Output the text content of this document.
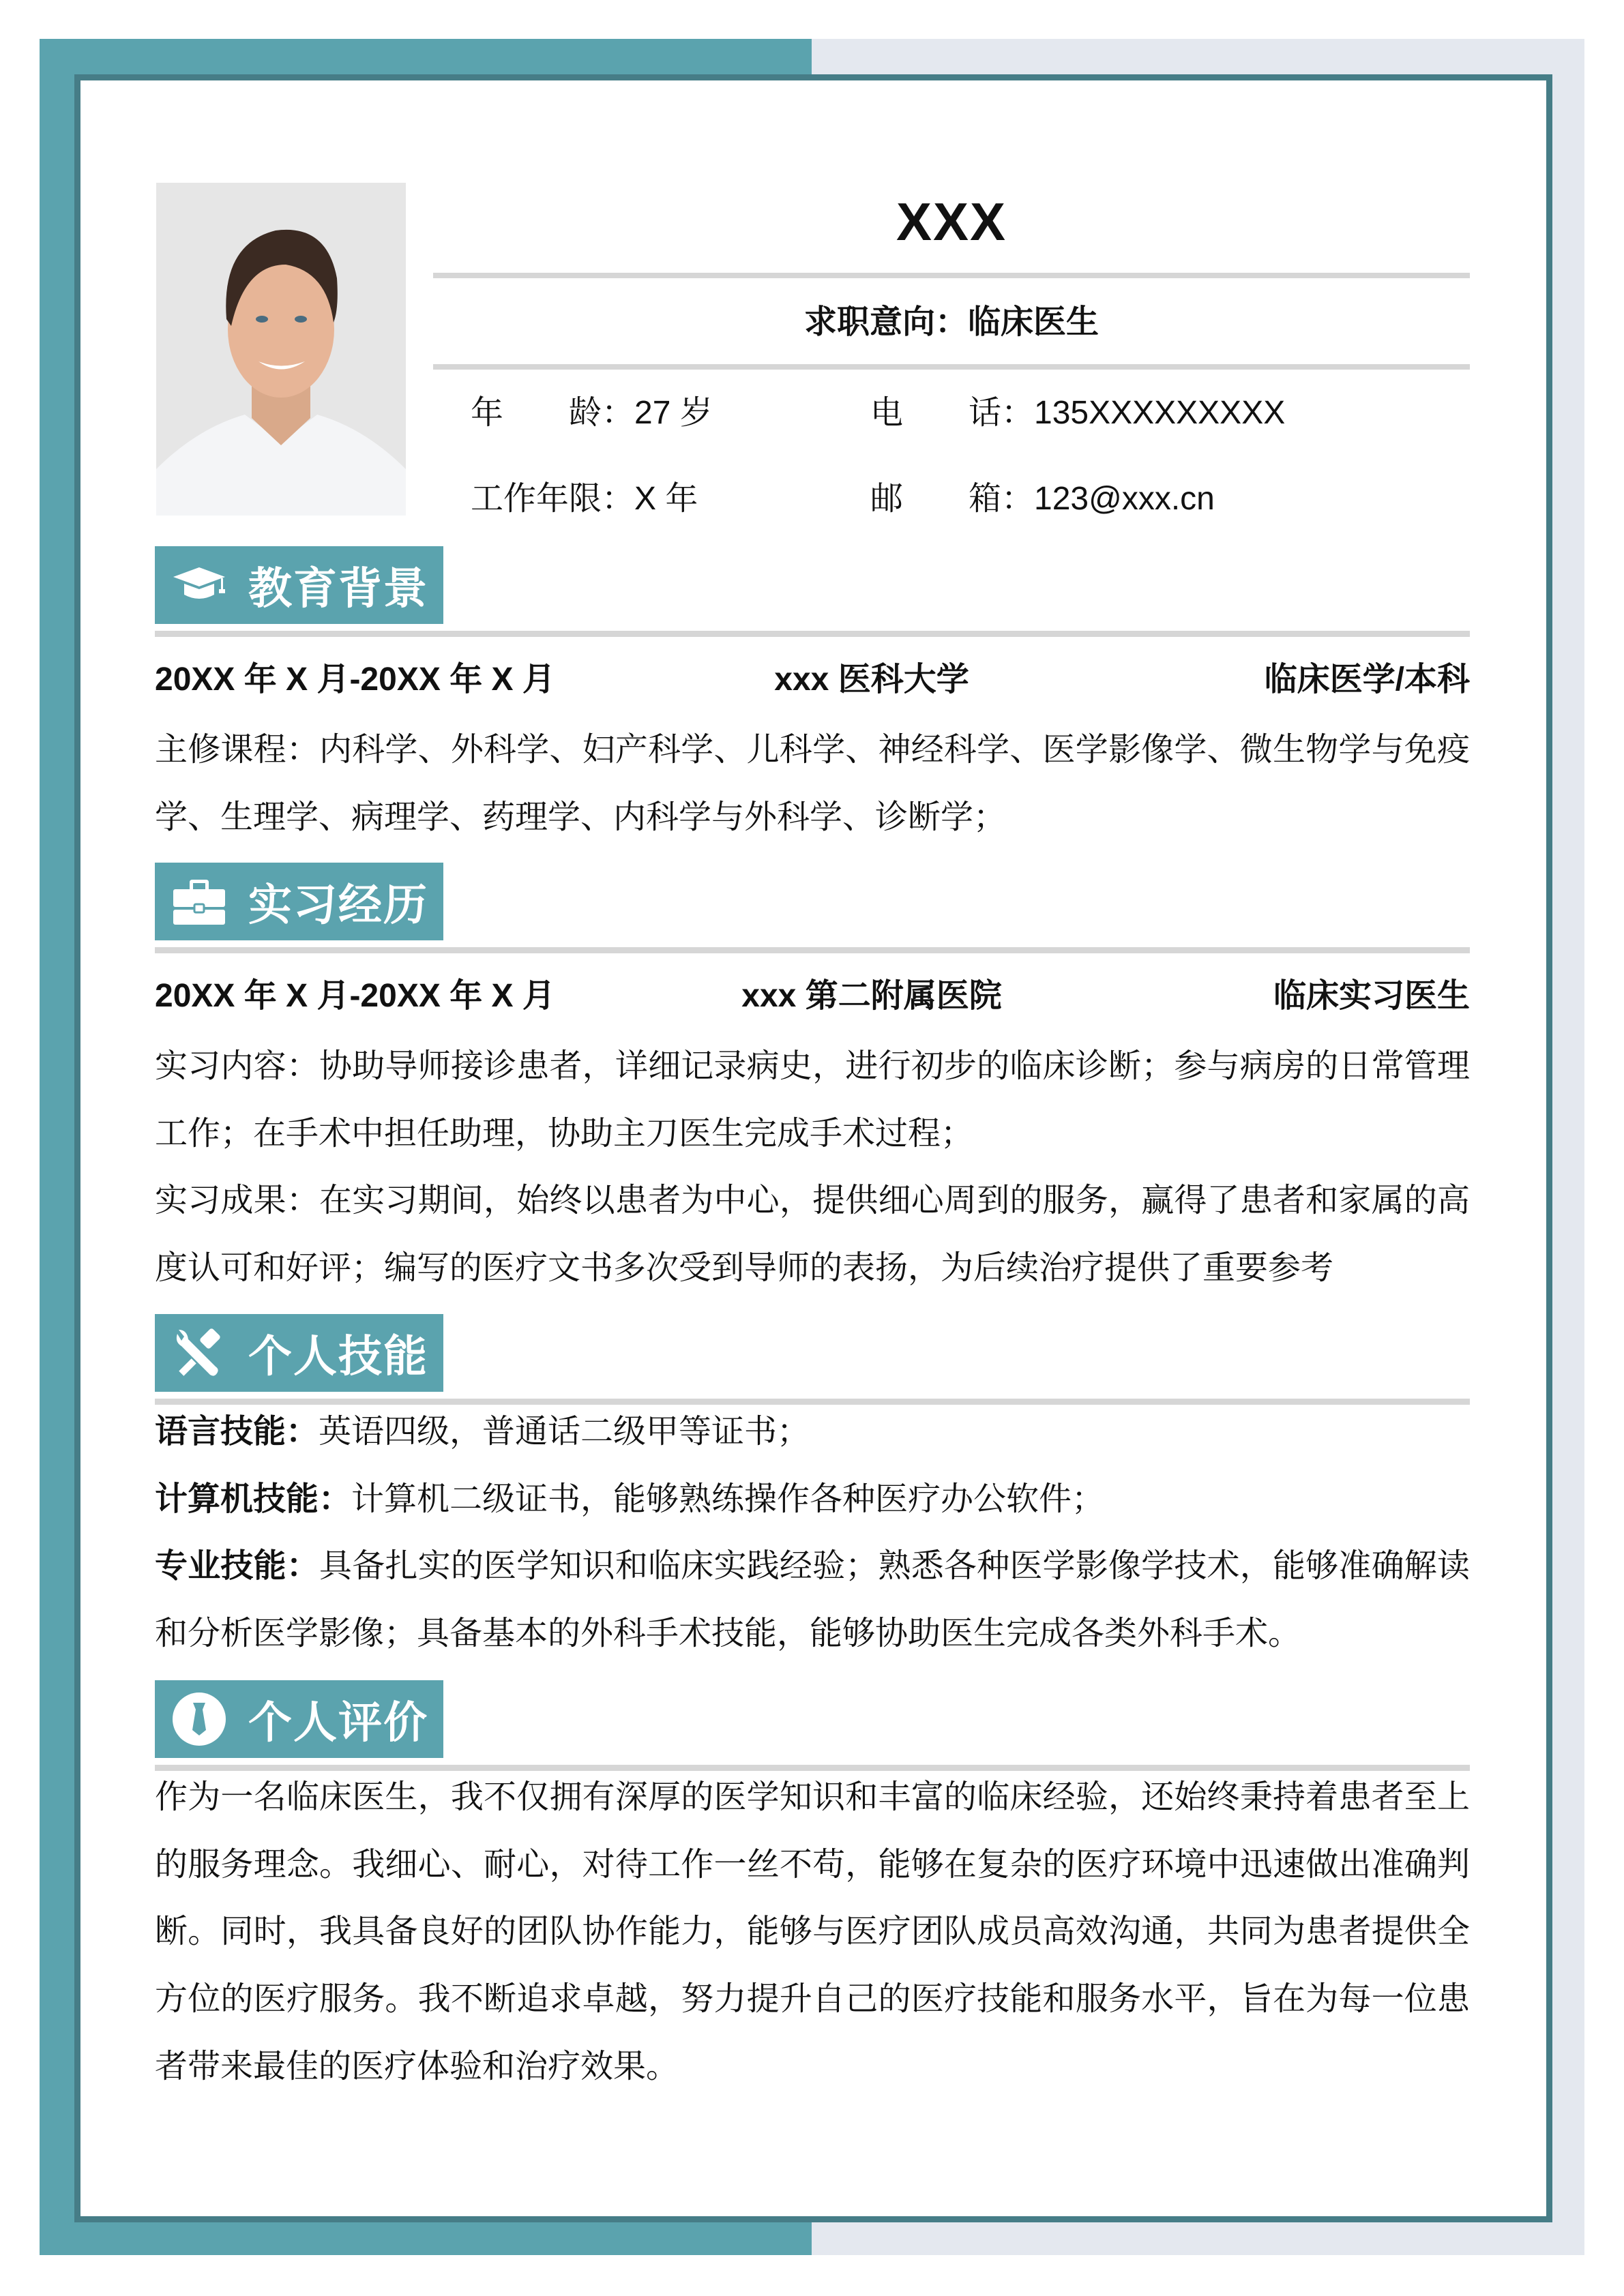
XXX
求职意向：临床医生
年　　龄：27 岁	电　　话：135XXXXXXXXX
工作年限：X 年	邮　　箱：123@xxx.cn
教育背景
20XX 年 X 月-20XX 年 X 月	xxx 医科大学	临床医学/本科

主修课程：内科学、外科学、妇产科学、儿科学、神经科学、医学影像学、微生物学与免疫学、生理学、病理学、药理学、内科学与外科学、诊断学；

实习经历
20XX 年 X 月-20XX 年 X 月	xxx 第二附属医院	临床实习医生

实习内容：协助导师接诊患者，详细记录病史，进行初步的临床诊断；参与病房的日常管理工作；在手术中担任助理，协助主刀医生完成手术过程；

实习成果：在实习期间，始终以患者为中心，提供细心周到的服务，赢得了患者和家属的高度认可和好评；编写的医疗文书多次受到导师的表扬，为后续治疗提供了重要参考

个人技能

语言技能：英语四级，普通话二级甲等证书；

计算机技能：计算机二级证书，能够熟练操作各种医疗办公软件；

专业技能：具备扎实的医学知识和临床实践经验；熟悉各种医学影像学技术，能够准确解读和分析医学影像；具备基本的外科手术技能，能够协助医生完成各类外科手术。

个人评价

作为一名临床医生，我不仅拥有深厚的医学知识和丰富的临床经验，还始终秉持着患者至上的服务理念。我细心、耐心，对待工作一丝不苟，能够在复杂的医疗环境中迅速做出准确判断。同时，我具备良好的团队协作能力，能够与医疗团队成员高效沟通，共同为患者提供全方位的医疗服务。我不断追求卓越，努力提升自己的医疗技能和服务水平，旨在为每一位患者带来最佳的医疗体验和治疗效果。
